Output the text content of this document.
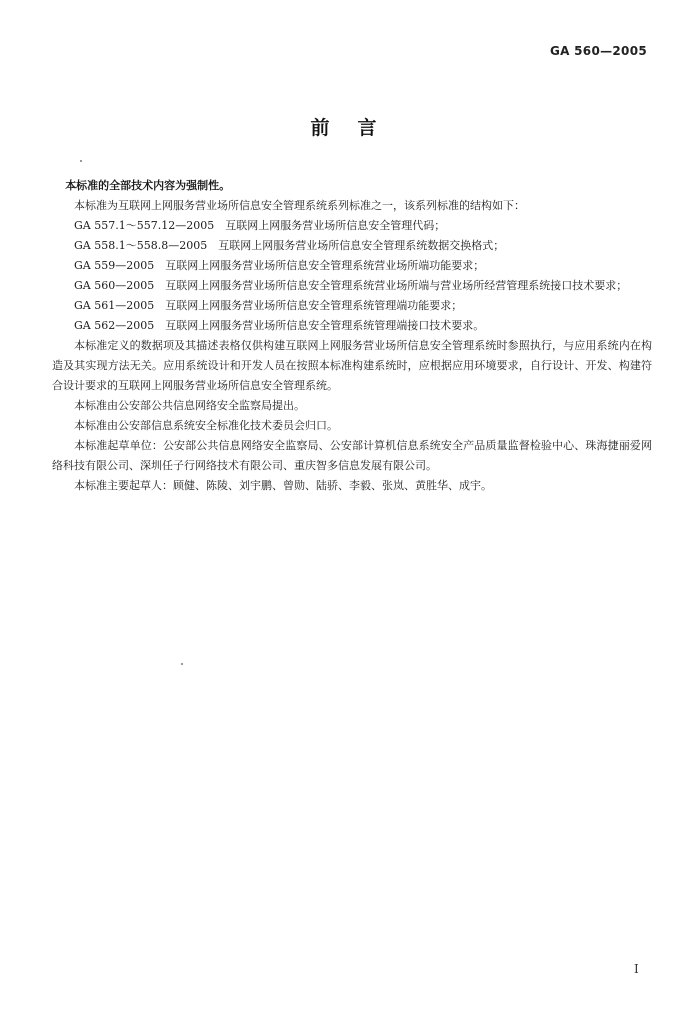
GA 560—2005
前言

本标准的全部技术内容为强制性。

本标准为互联网上网服务营业场所信息安全管理系统系列标准之一，该系列标准的结构如下：

GA 557.1～557.12—2005　互联网上网服务营业场所信息安全管理代码；

GA 558.1～558.8—2005　互联网上网服务营业场所信息安全管理系统数据交换格式；

GA 559—2005　互联网上网服务营业场所信息安全管理系统营业场所端功能要求；

GA 560—2005　互联网上网服务营业场所信息安全管理系统营业场所端与营业场所经营管理系统接口技术要求；

GA 561—2005　互联网上网服务营业场所信息安全管理系统管理端功能要求；

GA 562—2005　互联网上网服务营业场所信息安全管理系统管理端接口技术要求。

本标准定义的数据项及其描述表格仅供构建互联网上网服务营业场所信息安全管理系统时参照执行，与应用系统内在构造及其实现方法无关。应用系统设计和开发人员在按照本标准构建系统时，应根据应用环境要求，自行设计、开发、构建符合设计要求的互联网上网服务营业场所信息安全管理系统。

本标准由公安部公共信息网络安全监察局提出。

本标准由公安部信息系统安全标准化技术委员会归口。

本标准起草单位：公安部公共信息网络安全监察局、公安部计算机信息系统安全产品质量监督检验中心、珠海捷丽爱网络科技有限公司、深圳任子行网络技术有限公司、重庆智多信息发展有限公司。

本标准主要起草人：顾健、陈陵、刘宇鹏、曾勋、陆骄、李毅、张岚、黄胜华、成宇。

I
